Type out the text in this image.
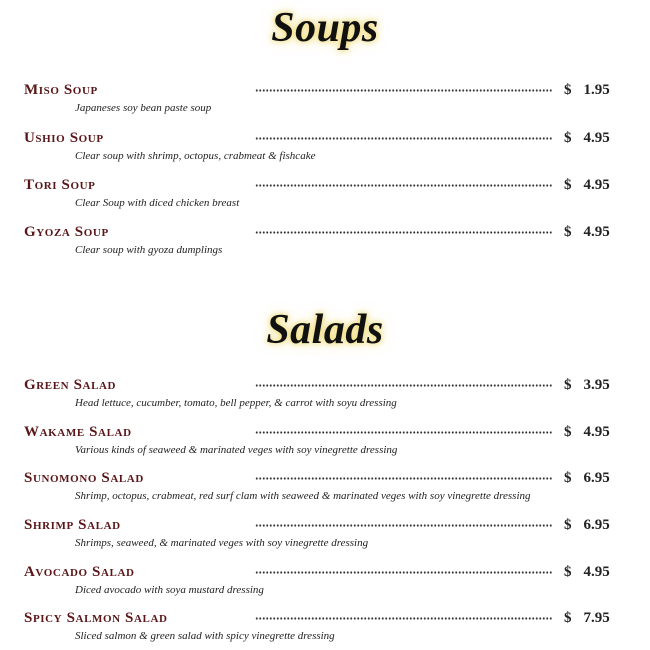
Soups
Miso Soup	$ 1.95
Japaneses soy bean paste soup
Ushio Soup	$ 4.95
Clear soup with shrimp, octopus, crabmeat & fishcake
Tori Soup	$ 4.95
Clear Soup with diced chicken breast
Gyoza Soup	$ 4.95
Clear soup with gyoza dumplings
Salads
Green Salad	$ 3.95
Head lettuce, cucumber, tomato, bell pepper, & carrot with soyu dressing
Wakame Salad	$ 4.95
Various kinds of seaweed & marinated veges with soy vinegrette dressing
Sunomono Salad	$ 6.95
Shrimp, octopus, crabmeat, red surf clam with seaweed & marinated veges with soy vinegrette dressing
Shrimp Salad	$ 6.95
Shrimps, seaweed, & marinated veges with soy vinegrette dressing
Avocado Salad	$ 4.95
Diced avocado with soya mustard dressing
Spicy Salmon Salad	$ 7.95
Sliced salmon & green salad with spicy vinegrette dressing
